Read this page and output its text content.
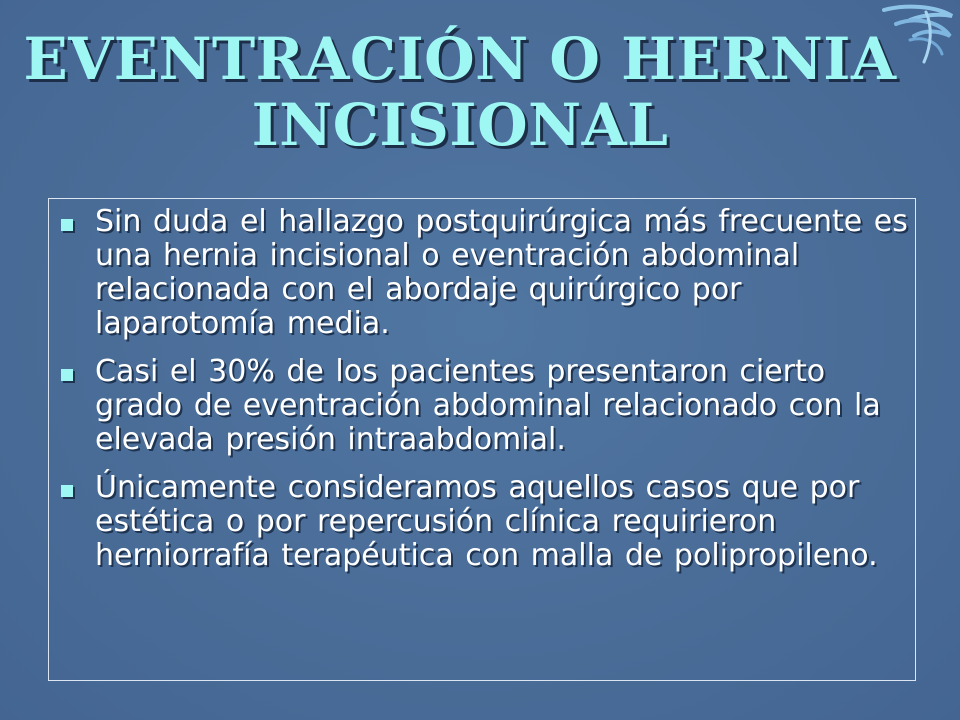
EVENTRACIÓN O HERNIA
INCISIONAL
Sin duda el hallazgo postquirúrgica más frecuente es una hernia incisional o eventración abdominal relacionada con el abordaje quirúrgico por laparotomía media.
Casi el 30% de los pacientes presentaron cierto grado de eventración abdominal relacionado con la elevada presión intraabdomial.
Únicamente consideramos aquellos casos que por estética o por repercusión clínica requirieron herniorrafía terapéutica con malla de polipropileno.
